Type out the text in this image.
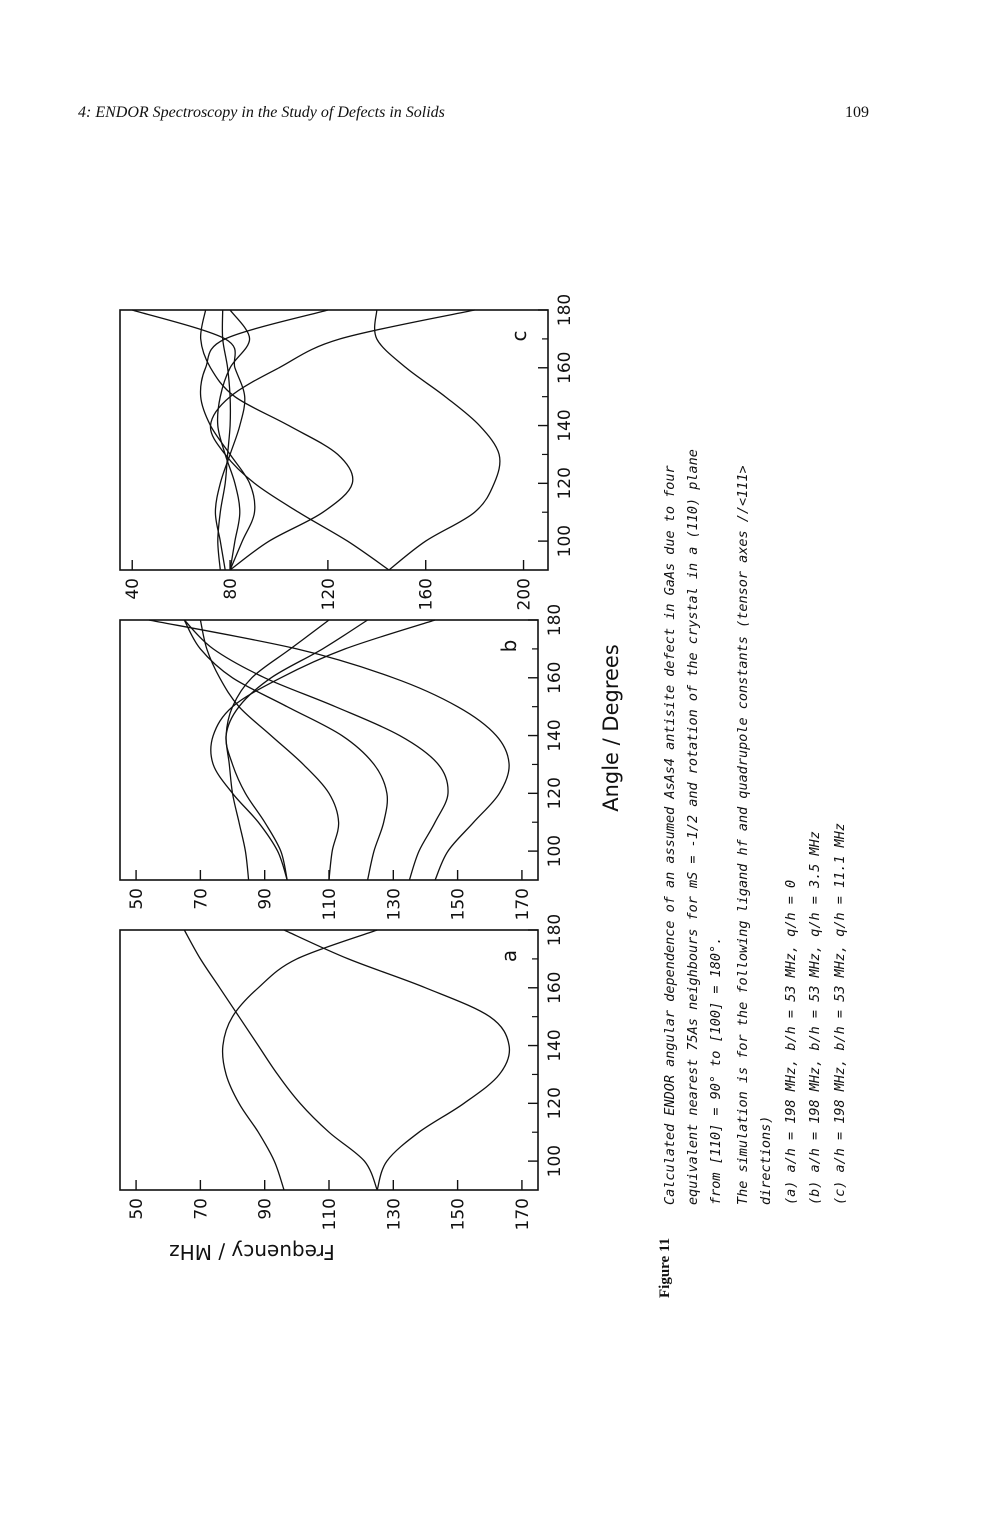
4: ENDOR Spectroscopy in the Study of Defects in Solids	109
100
120
140
160
180
50	70	90	110	130	150	170
a
100
120
140
160
180
50	70	90	110	130	150	170
b
100
120
140
160
180
40	80	120	160	200
c
Frequency / MHz
Angle / Degrees
Figure 11
Calculated ENDOR angular dependence of an assumed AsAs4 antisite defect in GaAs due to four equivalent nearest 75As neighbours for mS = -1/2 and rotation of the crystal in a (110) plane from [110] = 90° to [100] = 180°. The simulation is for the following ligand hf and quadrupole constants (tensor axes //<111> directions) (a) a/h = 198 MHz, b/h = 53 MHz, q/h = 0 (b) a/h = 198 MHz, b/h = 53 MHz, q/h = 3.5 MHz (c) a/h = 198 MHz, b/h = 53 MHz, q/h = 11.1 MHz
